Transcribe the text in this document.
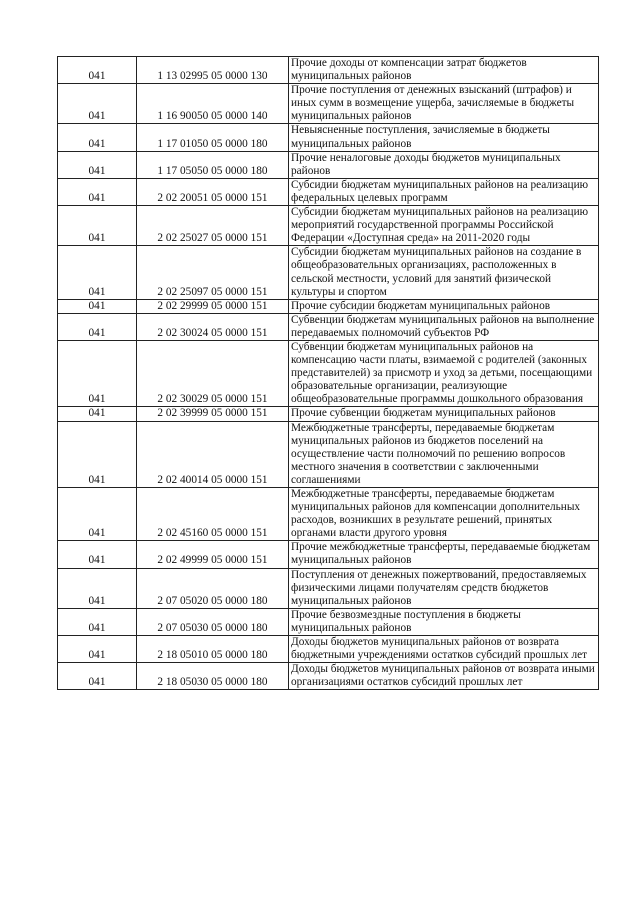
041	1 13 02995 05 0000 130	Прочие доходы от компенсации затрат бюджетов муниципальных районов
041	1 16 90050 05 0000 140	Прочие поступления от денежных взысканий (штрафов) и иных сумм в возмещение ущерба, зачисляемые в бюджеты муниципальных районов
041	1 17 01050 05 0000 180	Невыясненные поступления, зачисляемые в бюджеты муниципальных районов
041	1 17 05050 05 0000 180	Прочие неналоговые доходы бюджетов муниципальных районов
041	2 02 20051 05 0000 151	Субсидии бюджетам муниципальных районов на реализацию федеральных целевых программ
041	2 02 25027 05 0000 151	Субсидии бюджетам муниципальных районов на реализацию мероприятий государственной программы Российской Федерации «Доступная среда» на 2011-2020 годы
041	2 02 25097 05 0000 151	Субсидии бюджетам муниципальных районов на создание в общеобразовательных организациях, расположенных в сельской местности, условий для занятий физической культуры и спортом
041	2 02 29999 05 0000 151	Прочие субсидии бюджетам муниципальных районов
041	2 02 30024 05 0000 151	Субвенции бюджетам муниципальных районов на выполнение передаваемых полномочий субъектов РФ
041	2 02 30029 05 0000 151	Субвенции бюджетам муниципальных районов на компенсацию части платы, взимаемой с родителей (законных представителей) за присмотр и уход за детьми, посещающими образовательные организации, реализующие общеобразовательные программы дошкольного образования
041	2 02 39999 05 0000 151	Прочие субвенции бюджетам муниципальных районов
041	2 02 40014 05 0000 151	Межбюджетные трансферты, передаваемые бюджетам муниципальных районов из бюджетов поселений на осуществление части полномочий по решению вопросов местного значения в соответствии с заключенными соглашениями
041	2 02 45160 05 0000 151	Межбюджетные трансферты, передаваемые бюджетам муниципальных районов для компенсации дополнительных расходов, возникших в результате решений, принятых органами власти другого уровня
041	2 02 49999 05 0000 151	Прочие межбюджетные трансферты, передаваемые бюджетам муниципальных районов
041	2 07 05020 05 0000 180	Поступления от денежных пожертвований, предоставляемых физическими лицами получателям средств бюджетов муниципальных районов
041	2 07 05030 05 0000 180	Прочие безвозмездные поступления в бюджеты муниципальных районов
041	2 18 05010 05 0000 180	Доходы бюджетов муниципальных районов от возврата бюджетными учреждениями остатков субсидий прошлых лет
041	2 18 05030 05 0000 180	Доходы бюджетов муниципальных районов от возврата иными организациями остатков субсидий прошлых лет
